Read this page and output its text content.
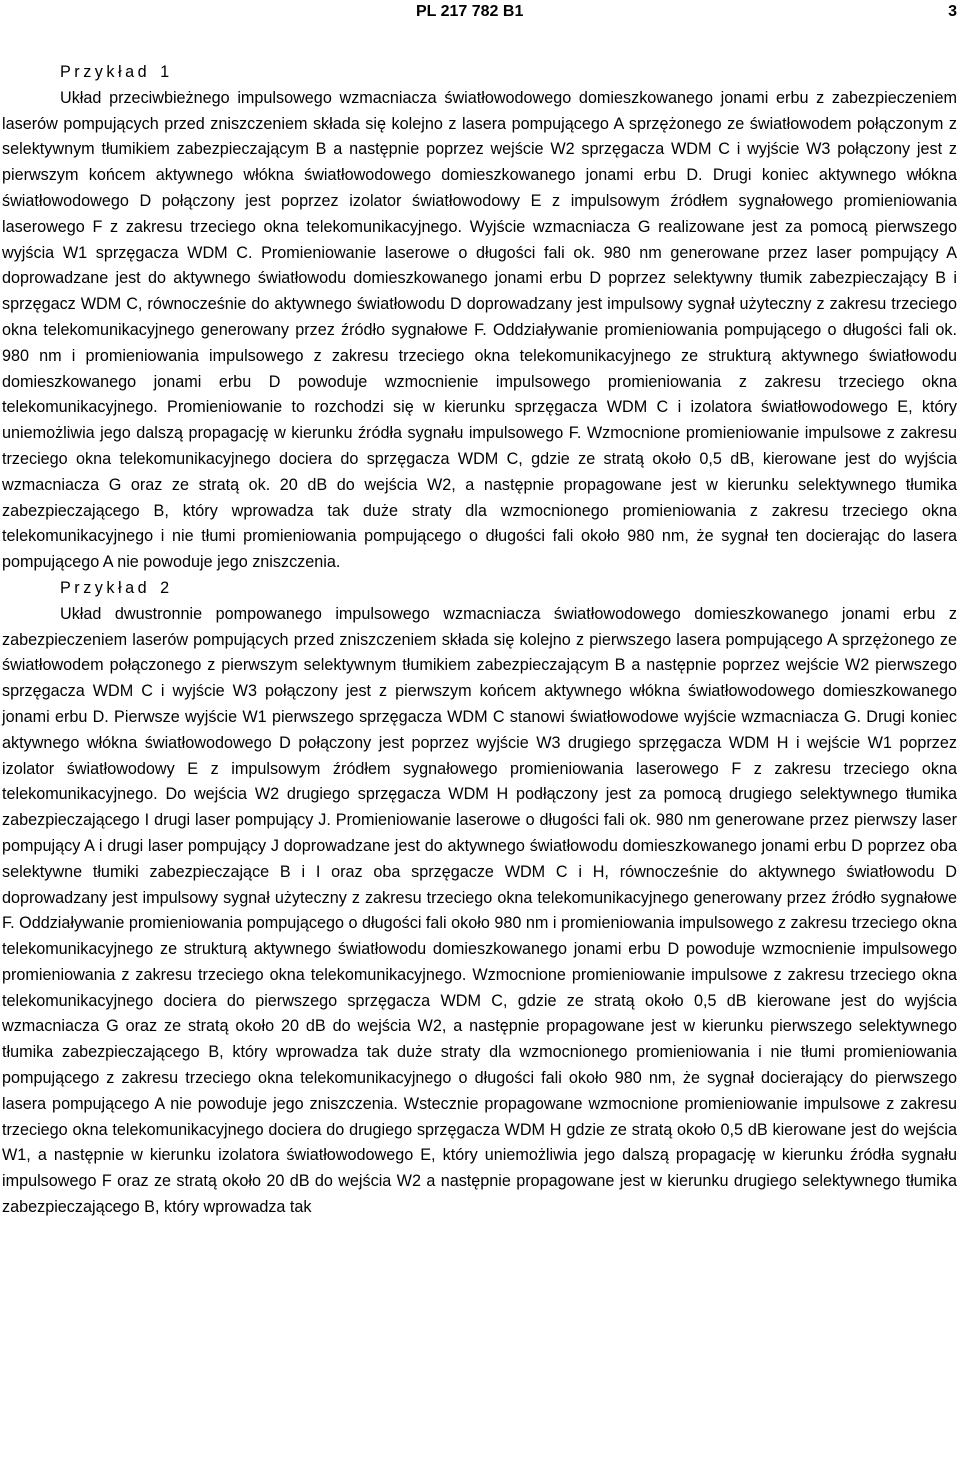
PL 217 782 B1	3

Przykład 1

Układ przeciwbieżnego impulsowego wzmacniacza światłowodowego domieszkowanego jonami erbu z zabezpieczeniem laserów pompujących przed zniszczeniem składa się kolejno z lasera pompującego A sprzężonego ze światłowodem połączonym z selektywnym tłumikiem zabezpieczającym B a następnie poprzez wejście W2 sprzęgacza WDM C i wyjście W3 połączony jest z pierwszym końcem aktywnego włókna światłowodowego domieszkowanego jonami erbu D. Drugi koniec aktywnego włókna światłowodowego D połączony jest poprzez izolator światłowodowy E z impulsowym źródłem sygnałowego promieniowania laserowego F z zakresu trzeciego okna telekomunikacyjnego. Wyjście wzmacniacza G realizowane jest za pomocą pierwszego wyjścia W1 sprzęgacza WDM C. Promieniowanie laserowe o długości fali ok. 980 nm generowane przez laser pompujący A doprowadzane jest do aktywnego światłowodu domieszkowanego jonami erbu D poprzez selektywny tłumik zabezpieczający B i sprzęgacz WDM C, równocześnie do aktywnego światłowodu D doprowadzany jest impulsowy sygnał użyteczny z zakresu trzeciego okna telekomunikacyjnego generowany przez źródło sygnałowe F. Oddziaływanie promieniowania pompującego o długości fali ok. 980 nm i promieniowania impulsowego z zakresu trzeciego okna telekomunikacyjnego ze strukturą aktywnego światłowodu domieszkowanego jonami erbu D powoduje wzmocnienie impulsowego promieniowania z zakresu trzeciego okna telekomunikacyjnego. Promieniowanie to rozchodzi się w kierunku sprzęgacza WDM C i izolatora światłowodowego E, który uniemożliwia jego dalszą propagację w kierunku źródła sygnału impulsowego F. Wzmocnione promieniowanie impulsowe z zakresu trzeciego okna telekomunikacyjnego dociera do sprzęgacza WDM C, gdzie ze stratą około 0,5 dB, kierowane jest do wyjścia wzmacniacza G oraz ze stratą ok. 20 dB do wejścia W2, a następnie propagowane jest w kierunku selektywnego tłumika zabezpieczającego B, który wprowadza tak duże straty dla wzmocnionego promieniowania z zakresu trzeciego okna telekomunikacyjnego i nie tłumi promieniowania pompującego o długości fali około 980 nm, że sygnał ten docierając do lasera pompującego A nie powoduje jego zniszczenia.

Przykład 2

Układ dwustronnie pompowanego impulsowego wzmacniacza światłowodowego domieszkowanego jonami erbu z zabezpieczeniem laserów pompujących przed zniszczeniem składa się kolejno z pierwszego lasera pompującego A sprzężonego ze światłowodem połączonego z pierwszym selektywnym tłumikiem zabezpieczającym B a następnie poprzez wejście W2 pierwszego sprzęgacza WDM C i wyjście W3 połączony jest z pierwszym końcem aktywnego włókna światłowodowego domieszkowanego jonami erbu D. Pierwsze wyjście W1 pierwszego sprzęgacza WDM C stanowi światłowodowe wyjście wzmacniacza G. Drugi koniec aktywnego włókna światłowodowego D połączony jest poprzez wyjście W3 drugiego sprzęgacza WDM H i wejście W1 poprzez izolator światłowodowy E z impulsowym źródłem sygnałowego promieniowania laserowego F z zakresu trzeciego okna telekomunikacyjnego. Do wejścia W2 drugiego sprzęgacza WDM H podłączony jest za pomocą drugiego selektywnego tłumika zabezpieczającego I drugi laser pompujący J. Promieniowanie laserowe o długości fali ok. 980 nm generowane przez pierwszy laser pompujący A i drugi laser pompujący J doprowadzane jest do aktywnego światłowodu domieszkowanego jonami erbu D poprzez oba selektywne tłumiki zabezpieczające B i I oraz oba sprzęgacze WDM C i H, równocześnie do aktywnego światłowodu D doprowadzany jest impulsowy sygnał użyteczny z zakresu trzeciego okna telekomunikacyjnego generowany przez źródło sygnałowe F. Oddziaływanie promieniowania pompującego o długości fali około 980 nm i promieniowania impulsowego z zakresu trzeciego okna telekomunikacyjnego ze strukturą aktywnego światłowodu domieszkowanego jonami erbu D powoduje wzmocnienie impulsowego promieniowania z zakresu trzeciego okna telekomunikacyjnego. Wzmocnione promieniowanie impulsowe z zakresu trzeciego okna telekomunikacyjnego dociera do pierwszego sprzęgacza WDM C, gdzie ze stratą około 0,5 dB kierowane jest do wyjścia wzmacniacza G oraz ze stratą około 20 dB do wejścia W2, a następnie propagowane jest w kierunku pierwszego selektywnego tłumika zabezpieczającego B, który wprowadza tak duże straty dla wzmocnionego promieniowania i nie tłumi promieniowania pompującego z zakresu trzeciego okna telekomunikacyjnego o długości fali około 980 nm, że sygnał docierający do pierwszego lasera pompującego A nie powoduje jego zniszczenia. Wstecznie propagowane wzmocnione promieniowanie impulsowe z zakresu trzeciego okna telekomunikacyjnego dociera do drugiego sprzęgacza WDM H gdzie ze stratą około 0,5 dB kierowane jest do wejścia W1, a następnie w kierunku izolatora światłowodowego E, który uniemożliwia jego dalszą propagację w kierunku źródła sygnału impulsowego F oraz ze stratą około 20 dB do wejścia W2 a następnie propagowane jest w kierunku drugiego selektywnego tłumika zabezpieczającego B, który wprowadza tak
